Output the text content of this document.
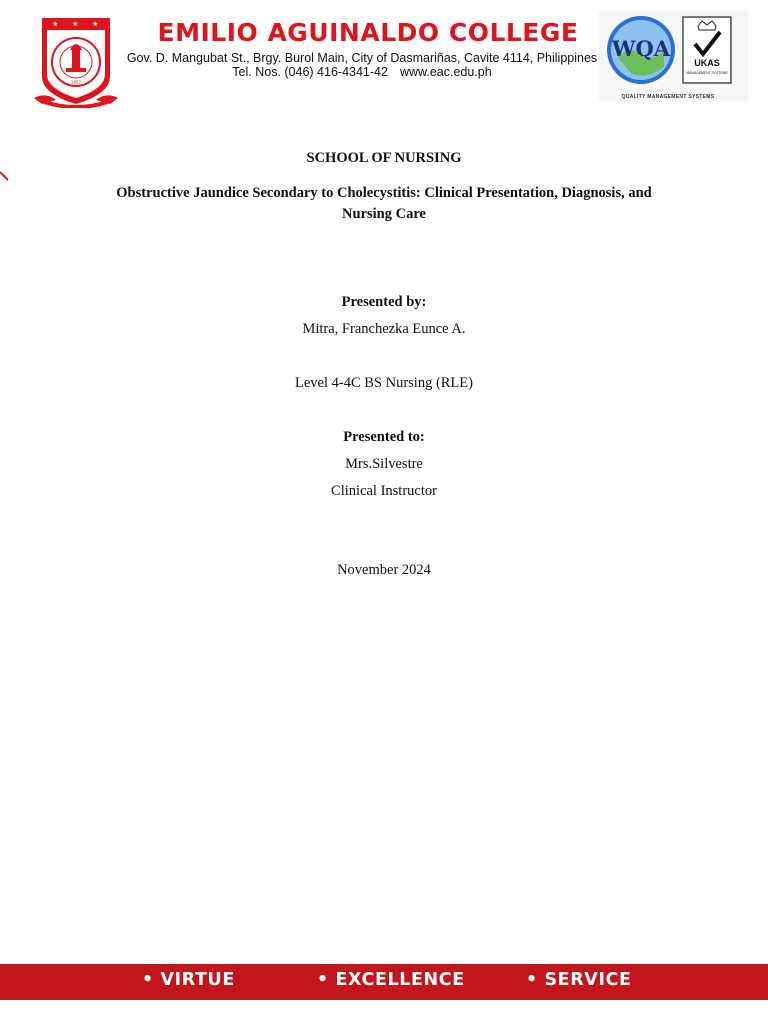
★ ★ ★
1957
EMILIO AGUINALDO COLLEGE
Gov. D. Mangubat St., Brgy. Burol Main, City of Dasmariñas, Cavite 4114, Philippines
Tel. Nos. (046) 416-4341-42 www.eac.edu.ph
WQA
UKAS
MANAGEMENT SYSTEMS
QUALITY MANAGEMENT SYSTEMS
SCHOOL OF NURSING
Obstructive Jaundice Secondary to Cholecystitis: Clinical Presentation, Diagnosis, and
Nursing Care
Presented by:
Mitra, Franchezka Eunce A.
Level 4-4C BS Nursing (RLE)
Presented to:
Mrs.Silvestre
Clinical Instructor
November 2024
• VIRTUE	• EXCELLENCE	• SERVICE
